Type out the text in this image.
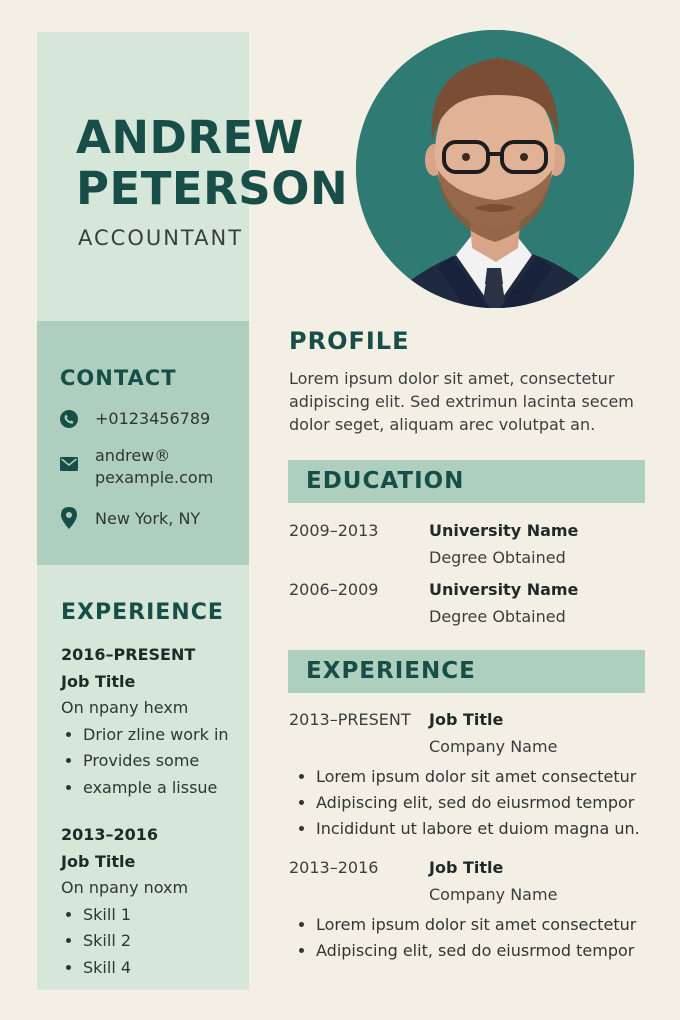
ANDREW
PETERSON
ACCOUNTANT
CONTACT
+0123456789
andrew®
pexample.com
New York, NY
EXPERIENCE
2016–PRESENT
Job Title
On npany hexm
• Drior zline work in
• Provides some
• example a lissue
2013–2016
Job Title
On npany noxm
• Skill 1
• Skill 2
• Skill 4
PROFILE
Lorem ipsum dolor sit amet, consectetur
adipiscing elit. Sed extrimun lacinta secem
dolor seget, aliquam arec volutpat an.
EDUCATION
2009–2013	University Name
Degree Obtained
2006–2009	University Name
Degree Obtained
EXPERIENCE
2013–PRESENT Job Title
Company Name
• Lorem ipsum dolor sit amet consectetur
• Adipiscing elit, sed do eiusrmod tempor
• Incididunt ut labore et duiom magna un.
2013–2016	Job Title
Company Name
• Lorem ipsum dolor sit amet consectetur
• Adipiscing elit, sed do eiusrmod tempor
